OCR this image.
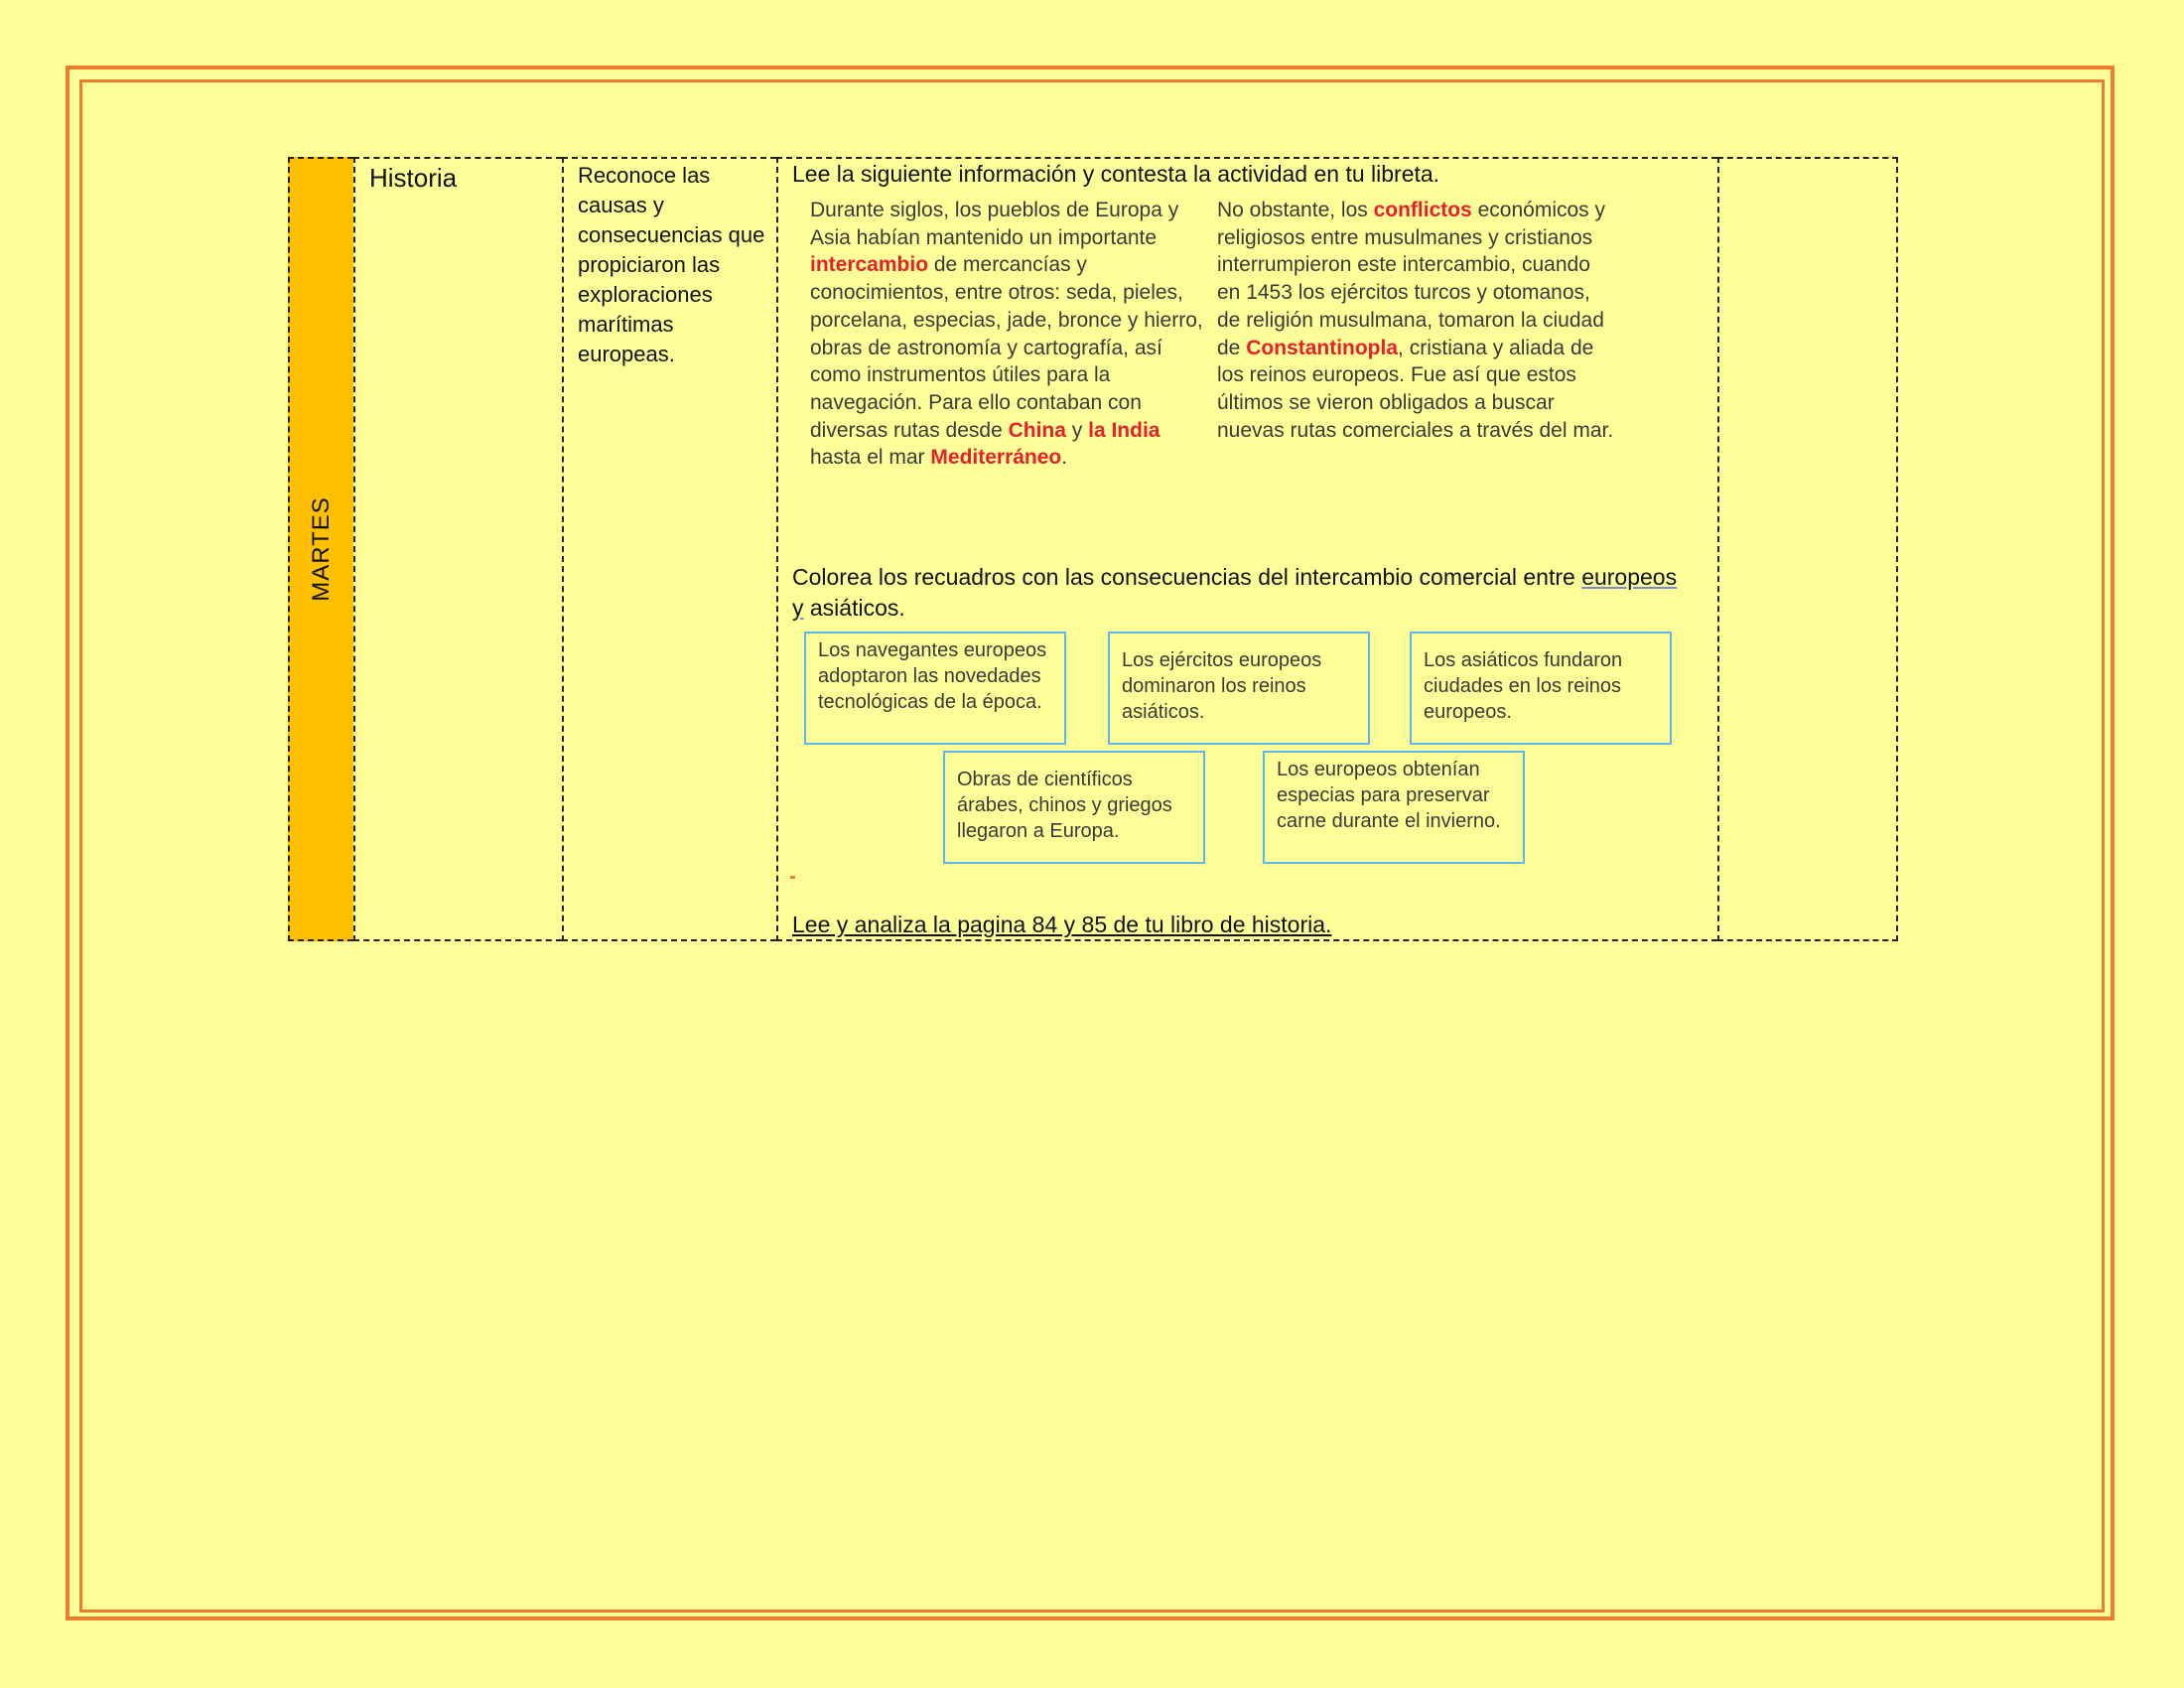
MARTES
Historia	Reconoce las causas y consecuencias que propiciaron las exploraciones marítimas europeas.
Lee la siguiente información y contesta la actividad en tu libreta.
Durante siglos, los pueblos de Europa y Asia habían mantenido un importante intercambio de mercancías y conocimientos, entre otros: seda, pieles, porcelana, especias, jade, bronce y hierro, obras de astronomía y cartografía, así como instrumentos útiles para la navegación. Para ello contaban con diversas rutas desde China y la India hasta el mar Mediterráneo.
No obstante, los conflictos económicos y religiosos entre musulmanes y cristianos interrumpieron este intercambio, cuando en 1453 los ejércitos turcos y otomanos, de religión musulmana, tomaron la ciudad de Constantinopla, cristiana y aliada de los reinos europeos. Fue así que estos últimos se vieron obligados a buscar nuevas rutas comerciales a través del mar.
Colorea los recuadros con las consecuencias del intercambio comercial entre europeos y asiáticos.
Los navegantes europeos adoptaron las novedades tecnológicas de la época.
Los ejércitos europeos dominaron los reinos asiáticos.
Los asiáticos fundaron ciudades en los reinos europeos.
Obras de científicos árabes, chinos y griegos llegaron a Europa.
Los europeos obtenían especias para preservar carne durante el invierno.
Lee y analiza la pagina 84 y 85 de tu libro de historia.
